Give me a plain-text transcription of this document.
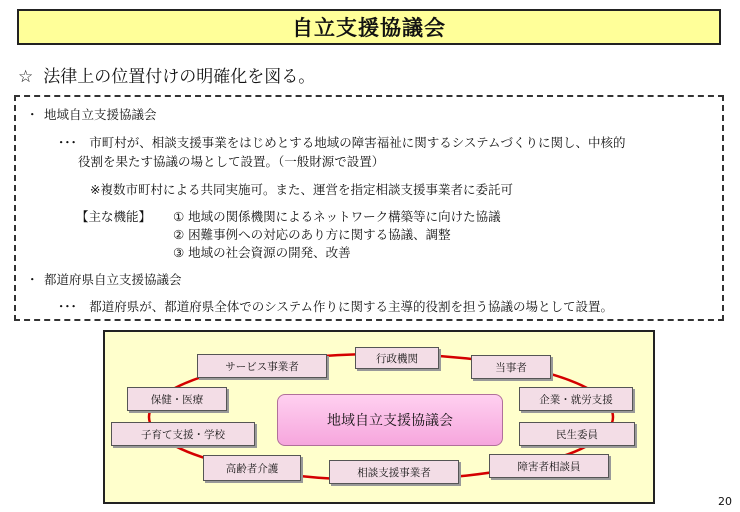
自立支援協議会
☆ 法律上の位置付けの明確化を図る。
・ 地域自立支援協議会
･･･　市町村が、相談支援事業をはじめとする地域の障害福祉に関するシステムづくりに関し、中核的
役割を果たす協議の場として設置。（一般財源で設置）
※複数市町村による共同実施可。また、運営を指定相談支援事業者に委託可
【主な機能】 ① 地域の関係機関によるネットワーク構築等に向けた協議
② 困難事例への対応のあり方に関する協議、調整
③ 地域の社会資源の開発、改善
・ 都道府県自立支援協議会
･･･　都道府県が、都道府県全体でのシステム作りに関する主導的役割を担う協議の場として設置。
地域自立支援協議会
行政機関
当事者
企業・就労支援
民生委員
障害者相談員
相談支援事業者
高齢者介護
子育て支援・学校
保健・医療
サービス事業者
20
